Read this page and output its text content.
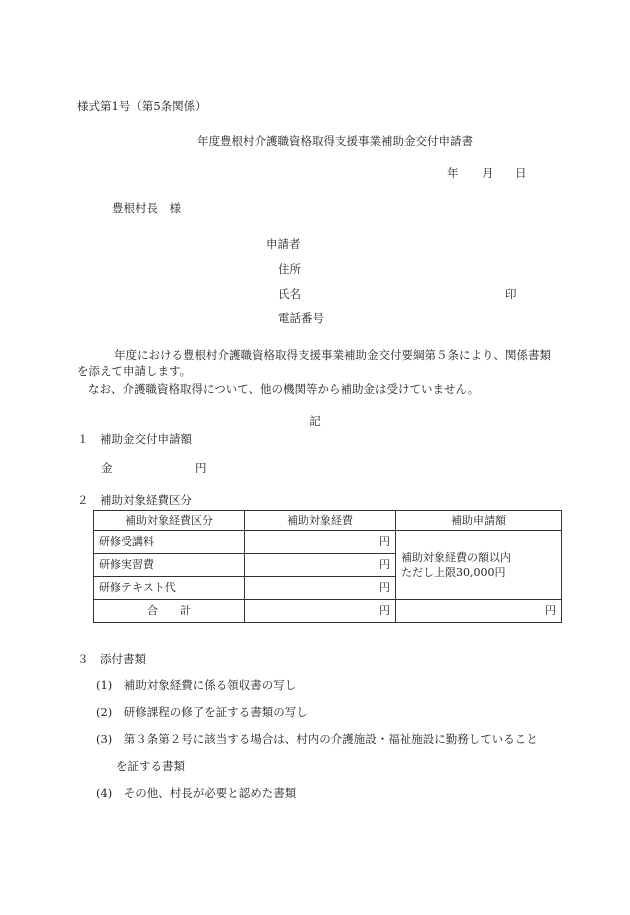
様式第1号（第5条関係）
年度豊根村介護職資格取得支援事業補助金交付申請書
年 月 日
豊根村長　様
申請者
住所
氏名	印
電話番号
年度における豊根村介護職資格取得支援事業補助金交付要綱第５条により、関係書類を添えて申請します。
なお、介護職資格取得について、他の機関等から補助金は受けていません。
記
１　補助金交付申請額
金	円
２　補助対象経費区分
補助対象経費区分	補助対象経費	補助申請額
研修受講料	円	補助対象経費の額以内
ただし上限30,000円

研修実習費	円	
研修テキスト代	円	
合　　計	円	円
３　添付書類
(1)　補助対象経費に係る領収書の写し
(2)　研修課程の修了を証する書類の写し
(3)　第３条第２号に該当する場合は、村内の介護施設・福祉施設に勤務していること
を証する書類
(4)　その他、村長が必要と認めた書類
